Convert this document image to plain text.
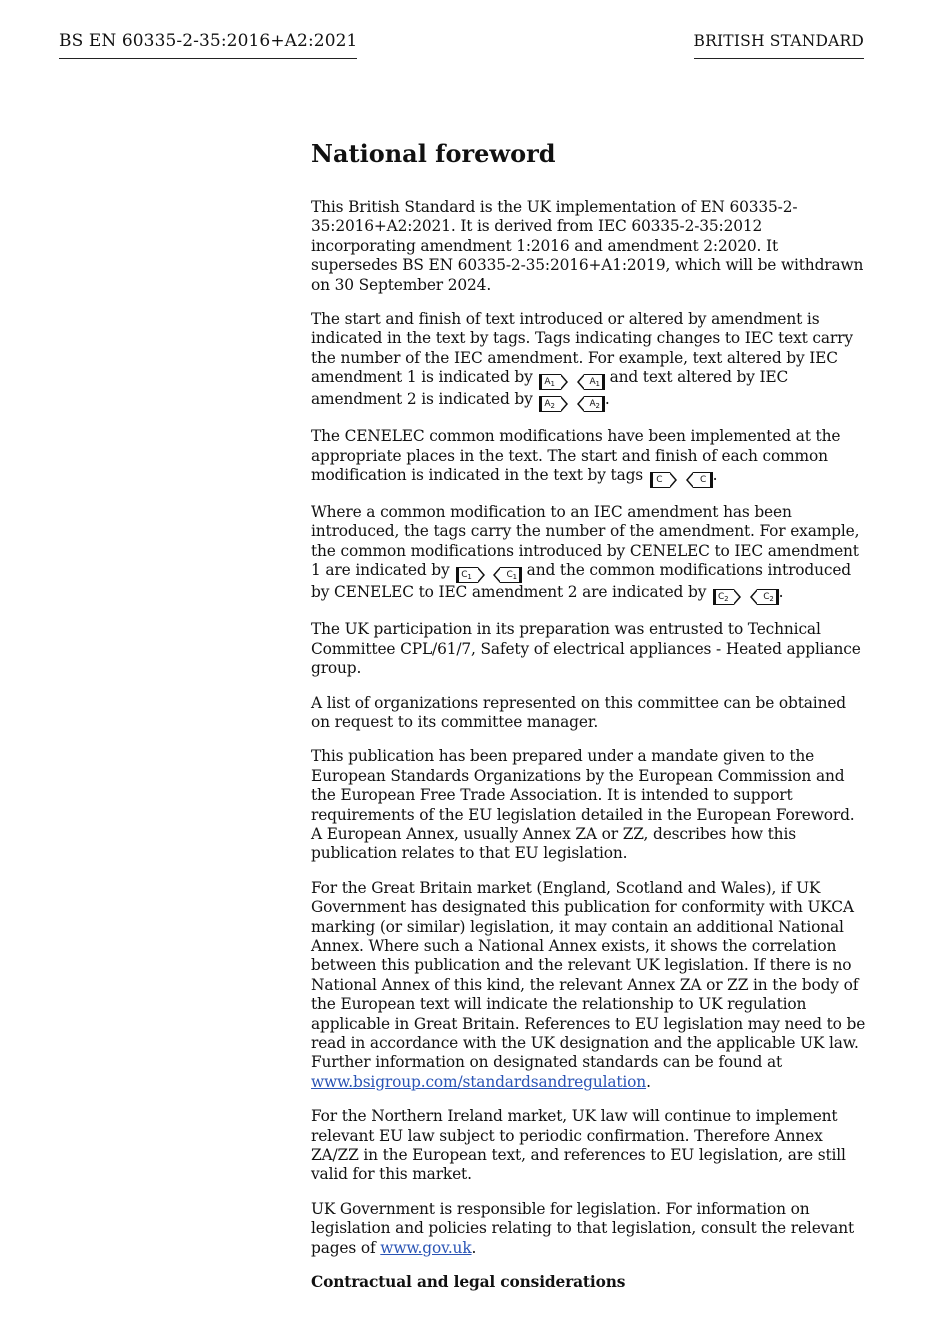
BS EN 60335-2-35:2016+A2:2021	BRITISH STANDARD
National foreword

This British Standard is the UK implementation of EN 60335-2-35:2016+A2:2021. It is derived from IEC 60335-2-35:2012 incorporating amendment 1:2016 and amendment 2:2020. It supersedes BS EN 60335-2-35:2016+A1:2019, which will be withdrawn on 30 September 2024.

The start and finish of text introduced or altered by amendment is indicated in the text by tags. Tags indicating changes to IEC text carry the number of the IEC amendment. For example, text altered by IEC amendment 1 is indicated by $A_1$	$A_1$ and text altered by IEC amendment 2 is indicated by $A_2$	$A_2$ .

The CENELEC common modifications have been implemented at the appropriate places in the text. The start and finish of each common modification is indicated in the text by tags C	C .

Where a common modification to an IEC amendment has been introduced, the tags carry the number of the amendment. For example, the common modifications introduced by CENELEC to IEC amendment 1 are indicated by $C_1$	$C_1$ and the common modifications introduced by CENELEC to IEC amendment 2 are indicated by $C_2$	$C_2$ .

The UK participation in its preparation was entrusted to Technical Committee CPL/61/7, Safety of electrical appliances - Heated appliance group.

A list of organizations represented on this committee can be obtained on request to its committee manager.

This publication has been prepared under a mandate given to the European Standards Organizations by the European Commission and the European Free Trade Association. It is intended to support requirements of the EU legislation detailed in the European Foreword. A European Annex, usually Annex ZA or ZZ, describes how this publication relates to that EU legislation.

For the Great Britain market (England, Scotland and Wales), if UK Government has designated this publication for conformity with UKCA marking (or similar) legislation, it may contain an additional National Annex. Where such a National Annex exists, it shows the correlation between this publication and the relevant UK legislation. If there is no National Annex of this kind, the relevant Annex ZA or ZZ in the body of the European text will indicate the relationship to UK regulation applicable in Great Britain. References to EU legislation may need to be read in accordance with the UK designation and the applicable UK law. Further information on designated standards can be found at www.bsigroup.com/standardsandregulation.

For the Northern Ireland market, UK law will continue to implement relevant EU law subject to periodic confirmation. Therefore Annex ZA/ZZ in the European text, and references to EU legislation, are still valid for this market.

UK Government is responsible for legislation. For information on legislation and policies relating to that legislation, consult the relevant pages of www.gov.uk.

Contractual and legal considerations
